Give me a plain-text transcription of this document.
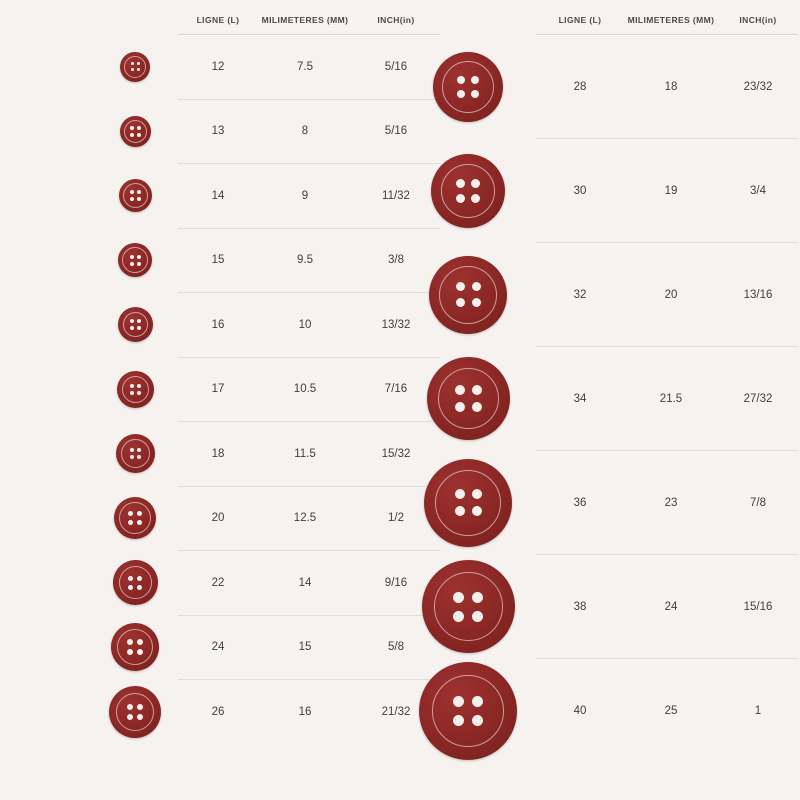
	LIGNE (L)	MILIMETERES (MM)	INCH(in)

	12	7.5	5/16

	13	8	5/16

	14	9	11/32

	15	9.5	3/8

	16	10	13/32

	17	10.5	7/16

	18	11.5	15/32

	20	12.5	1/2

	22	14	9/16

	24	15	5/8

	26	16	21/32
	LIGNE (L)	MILIMETERES (MM)	INCH(in)

	28	18	23/32

	30	19	3/4

	32	20	13/16

	34	21.5	27/32

	36	23	7/8

	38	24	15/16

	40	25	1
